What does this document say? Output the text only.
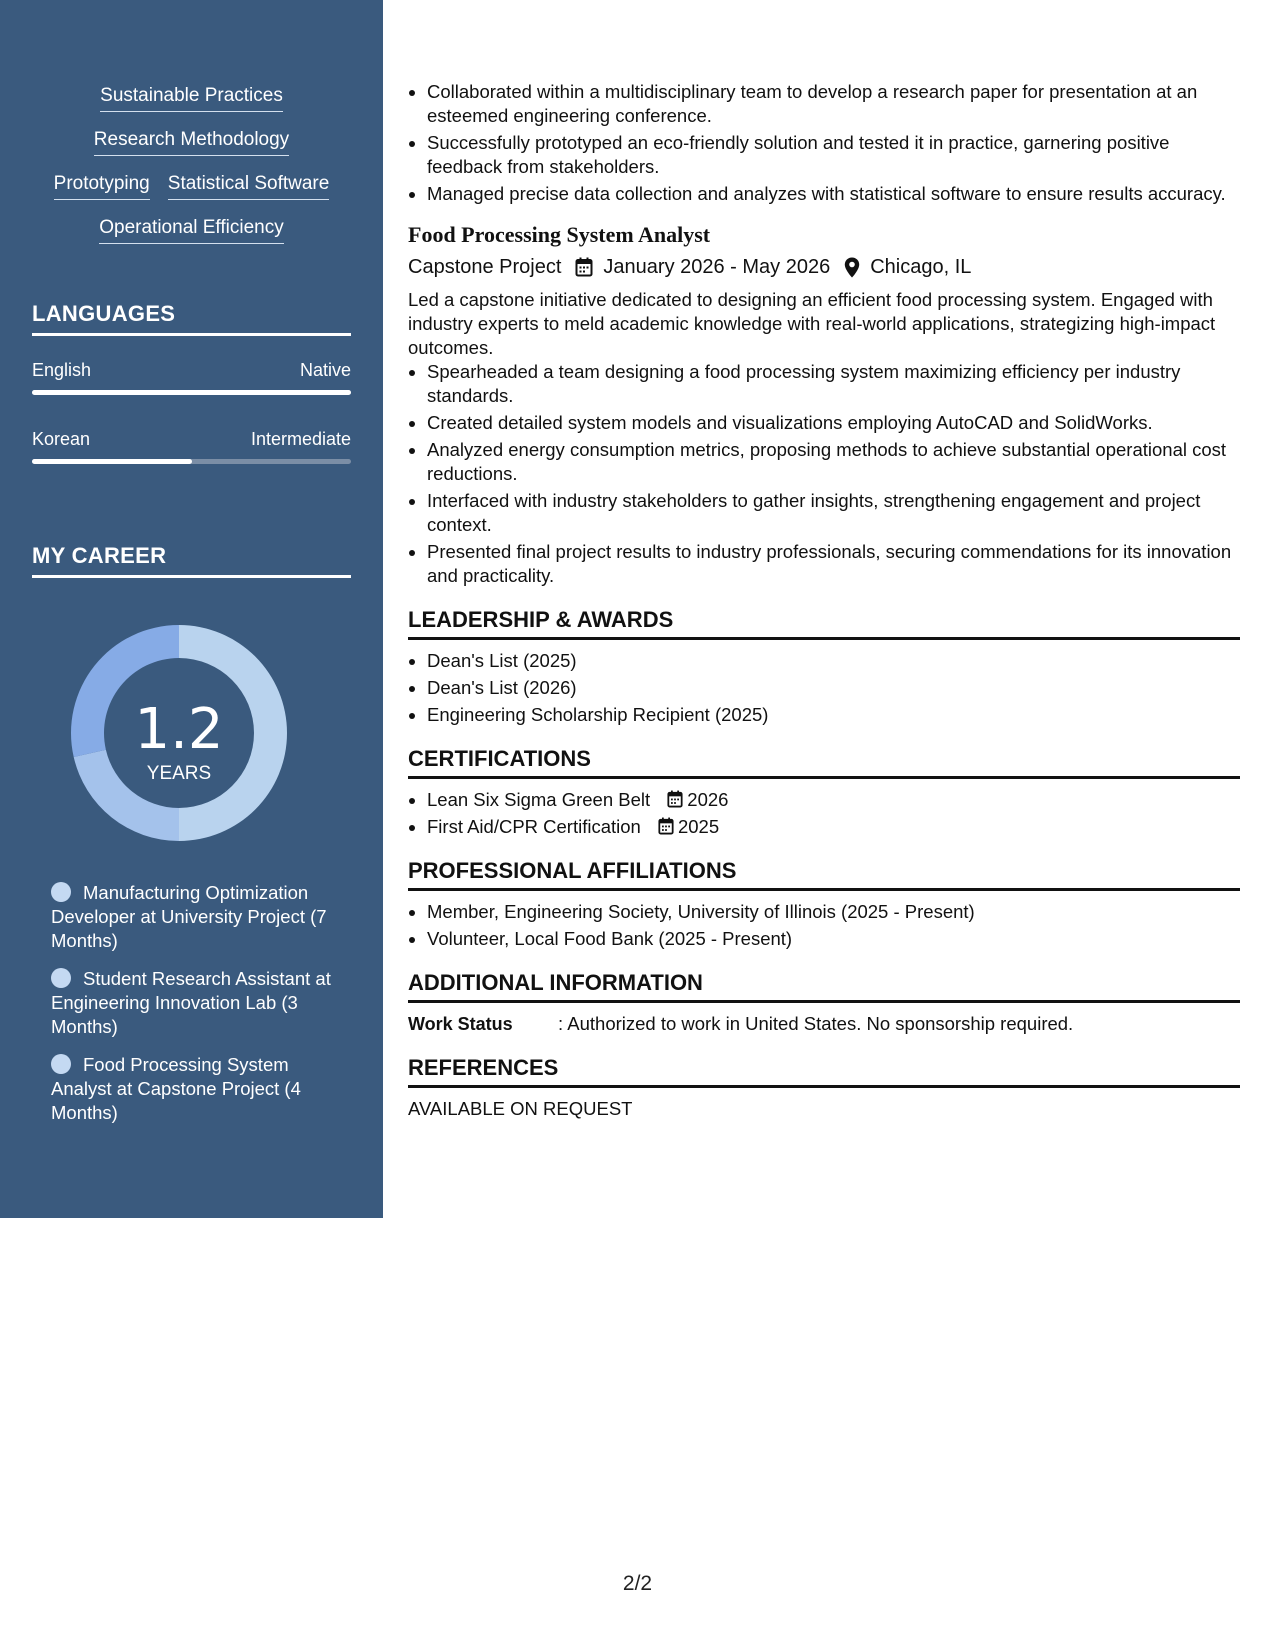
Sustainable Practices
Research Methodology
Prototyping Statistical Software
Operational Efficiency
LANGUAGES
English	Native
Korean	Intermediate
MY CAREER
1.2
YEARS
Manufacturing Optimization Developer at University Project (7 Months)
Student Research Assistant at Engineering Innovation Lab (3 Months)
Food Processing System Analyst at Capstone Project (4 Months)
• Collaborated within a multidisciplinary team to develop a research paper for presentation at an esteemed engineering conference.
• Successfully prototyped an eco-friendly solution and tested it in practice, garnering positive feedback from stakeholders.
• Managed precise data collection and analyzes with statistical software to ensure results accuracy.
Food Processing System Analyst
Capstone Project January 2026 - May 2026 Chicago, IL
Led a capstone initiative dedicated to designing an efficient food processing system. Engaged with industry experts to meld academic knowledge with real-world applications, strategizing high-impact outcomes.
• Spearheaded a team designing a food processing system maximizing efficiency per industry standards.
• Created detailed system models and visualizations employing AutoCAD and SolidWorks.
• Analyzed energy consumption metrics, proposing methods to achieve substantial operational cost reductions.
• Interfaced with industry stakeholders to gather insights, strengthening engagement and project context.
• Presented final project results to industry professionals, securing commendations for its innovation and practicality.
LEADERSHIP & AWARDS
• Dean's List (2025)
• Dean's List (2026)
• Engineering Scholarship Recipient (2025)
CERTIFICATIONS
• Lean Six Sigma Green Belt 2026
• First Aid/CPR Certification 2025
PROFESSIONAL AFFILIATIONS
• Member, Engineering Society, University of Illinois (2025 - Present)
• Volunteer, Local Food Bank (2025 - Present)
ADDITIONAL INFORMATION
Work Status	: Authorized to work in United States. No sponsorship required.
REFERENCES
AVAILABLE ON REQUEST
2/2
